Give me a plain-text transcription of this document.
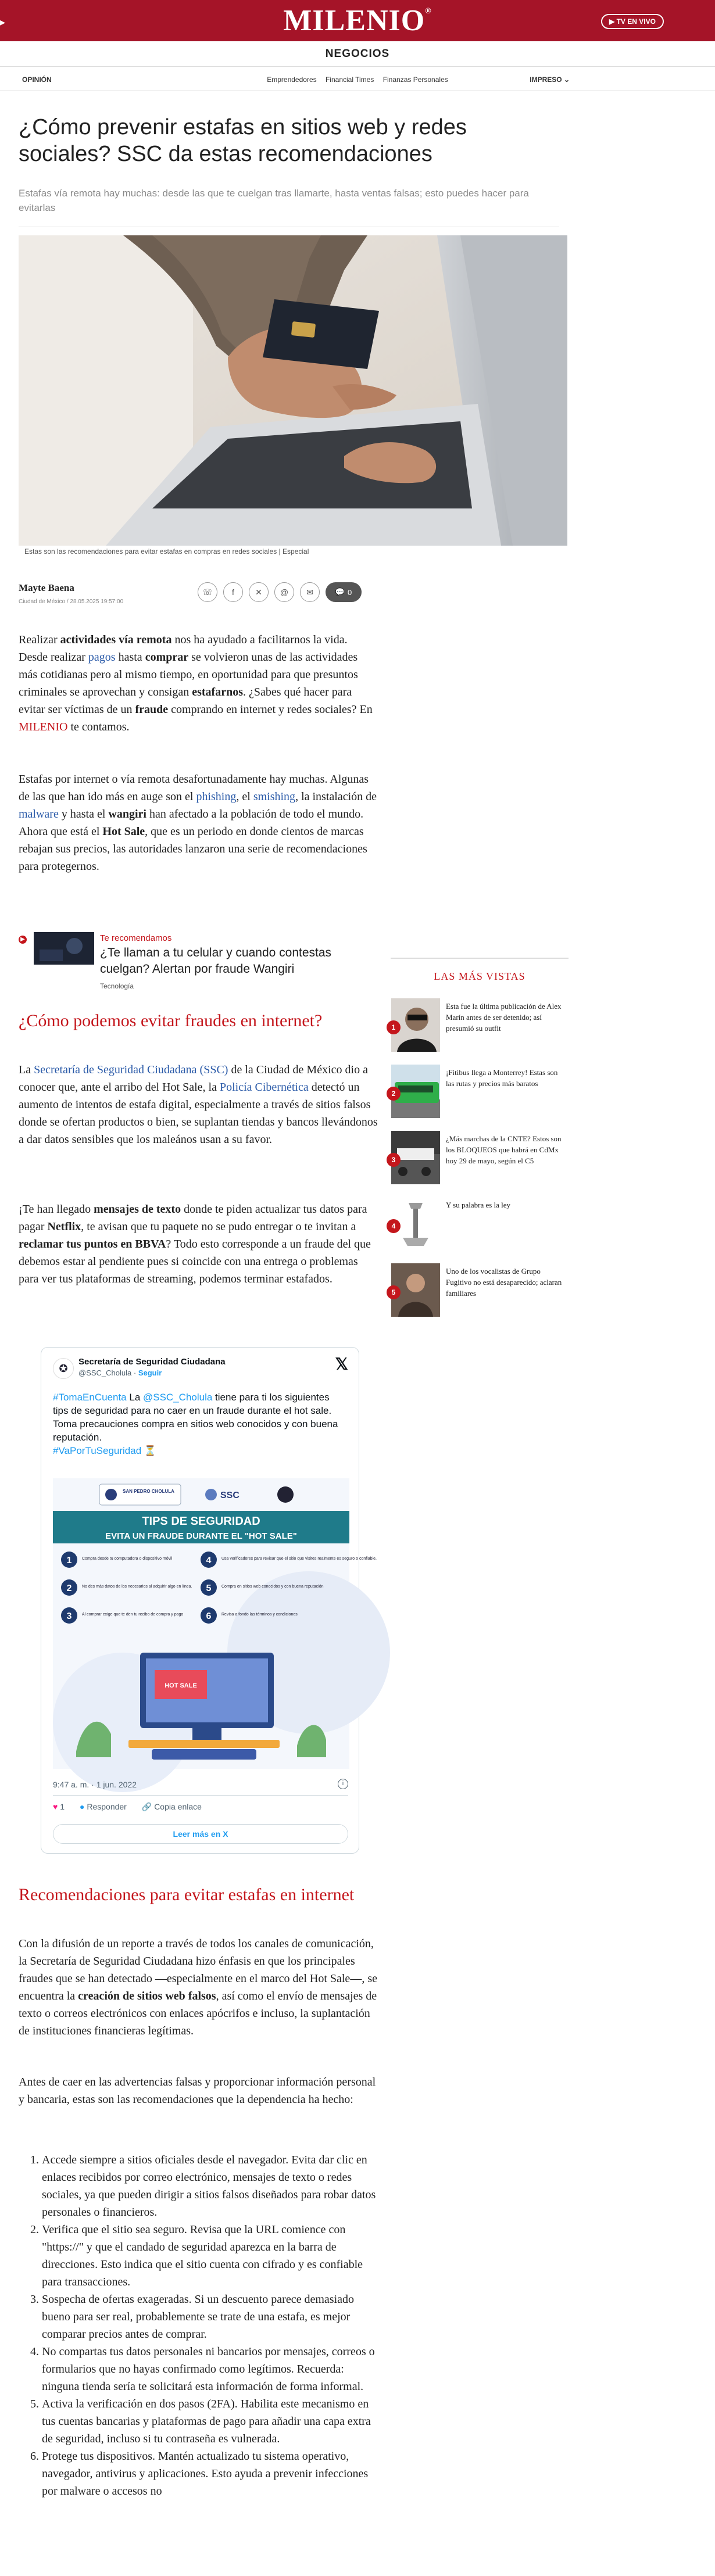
▸	MILENIO®
▶ TV EN VIVO
NEGOCIOS
OPINIÓN	Emprendedores Financial Times Finanzas Personales	IMPRESO ⌄
¿Cómo prevenir estafas en sitios web y redes sociales? SSC da estas recomendaciones

Estafas vía remota hay muchas: desde las que te cuelgan tras llamarte, hasta ventas falsas; esto puedes hacer para evitarlas

Estas son las recomendaciones para evitar estafas en compras en redes sociales | Especial
Mayte Baena
Ciudad de México / 28.05.2025 19:57:00
☏	f	✕	@	✉	💬 0

Realizar actividades vía remota nos ha ayudado a facilitarnos la vida. Desde realizar pagos hasta comprar se volvieron unas de las actividades más cotidianas pero al mismo tiempo, en oportunidad para que presuntos criminales se aprovechan y consigan estafarnos. ¿Sabes qué hacer para evitar ser víctimas de un fraude comprando en internet y redes sociales? En MILENIO te contamos.

Estafas por internet o vía remota desafortunadamente hay muchas. Algunas de las que han ido más en auge son el phishing, el smishing, la instalación de malware y hasta el wangiri han afectado a la población de todo el mundo. Ahora que está el Hot Sale, que es un periodo en donde cientos de marcas rebajan sus precios, las autoridades lanzaron una serie de recomendaciones para protegernos.

▶	Te recomendamos
¿Te llaman a tu celular y cuando contestas cuelgan? Alertan por fraude Wangiri
Tecnología
LAS MÁS VISTAS
1
Esta fue la última publicación de Alex Marín antes de ser detenido; así presumió su outfit
2
¡Fitibus llega a Monterrey! Estas son las rutas y precios más baratos
3
¿Más marchas de la CNTE? Estos son los BLOQUEOS que habrá en CdMx hoy 29 de mayo, según el C5
4
Y su palabra es la ley
5
Uno de los vocalistas de Grupo Fugitivo no está desaparecido; aclaran familiares
¿Cómo podemos evitar fraudes en internet?

La Secretaría de Seguridad Ciudadana (SSC) de la Ciudad de México dio a conocer que, ante el arribo del Hot Sale, la Policía Cibernética detectó un aumento de intentos de estafa digital, especialmente a través de sitios falsos donde se ofertan productos o bien, se suplantan tiendas y bancos llevándonos a dar datos sensibles que los maleános usan a su favor.

¡Te han llegado mensajes de texto donde te piden actualizar tus datos para pagar Netflix, te avisan que tu paquete no se pudo entregar o te invitan a reclamar tus puntos en BBVA? Todo esto corresponde a un fraude del que debemos estar al pendiente pues si coincide con una entrega o problemas para ver tus plataformas de streaming, podemos terminar estafados.

✪
Secretaría de Seguridad Ciudadana
@SSC_Cholula · Seguir	𝕏
#TomaEnCuenta La @SSC_Cholula tiene para ti los siguientes tips de seguridad para no caer en un fraude durante el hot sale.
Toma precauciones compra en sitios web conocidos y con buena reputación.
#VaPorTuSeguridad ⏳
SAN PEDRO CHOLULA	SSC
TIPS DE SEGURIDAD
EVITA UN FRAUDE DURANTE EL "HOT SALE"
1	Compra desde tu computadora o dispositivo móvil
2	No des más datos de los necesarios al adquirir algo en línea.
3	Al comprar exige que te den tu recibo de compra y pago
4	Usa verificadores para revisar que el sitio que visites realmente es seguro o confiable.
5	Compra en sitios web conocidos y con buena reputación
6	Revisa a fondo las términos y condiciones
HOT SALE
9:47 a. m. · 1 jun. 2022	i
♥ 1 ● Responder 🔗 Copia enlace
Leer más en X
Recomendaciones para evitar estafas en internet

Con la difusión de un reporte a través de todos los canales de comunicación, la Secretaría de Seguridad Ciudadana hizo énfasis en que los principales fraudes que se han detectado —especialmente en el marco del Hot Sale—, se encuentra la creación de sitios web falsos, así como el envío de mensajes de texto o correos electrónicos con enlaces apócrifos e incluso, la suplantación de instituciones financieras legítimas.

Antes de caer en las advertencias falsas y proporcionar información personal y bancaria, estas son las recomendaciones que la dependencia ha hecho:

1. Accede siempre a sitios oficiales desde el navegador. Evita dar clic en enlaces recibidos por correo electrónico, mensajes de texto o redes sociales, ya que pueden dirigir a sitios falsos diseñados para robar datos personales o financieros.
2. Verifica que el sitio sea seguro. Revisa que la URL comience con "https://" y que el candado de seguridad aparezca en la barra de direcciones. Esto indica que el sitio cuenta con cifrado y es confiable para transacciones.
3. Sospecha de ofertas exageradas. Si un descuento parece demasiado bueno para ser real, probablemente se trate de una estafa, es mejor comparar precios antes de comprar.
4. No compartas tus datos personales ni bancarios por mensajes, correos o formularios que no hayas confirmado como legítimos. Recuerda: ninguna tienda sería te solicitará esta información de forma informal.
5. Activa la verificación en dos pasos (2FA). Habilita este mecanismo en tus cuentas bancarias y plataformas de pago para añadir una capa extra de seguridad, incluso si tu contraseña es vulnerada.
6. Protege tus dispositivos. Mantén actualizado tu sistema operativo, navegador, antivirus y aplicaciones. Esto ayuda a prevenir infecciones por malware o accesos no
